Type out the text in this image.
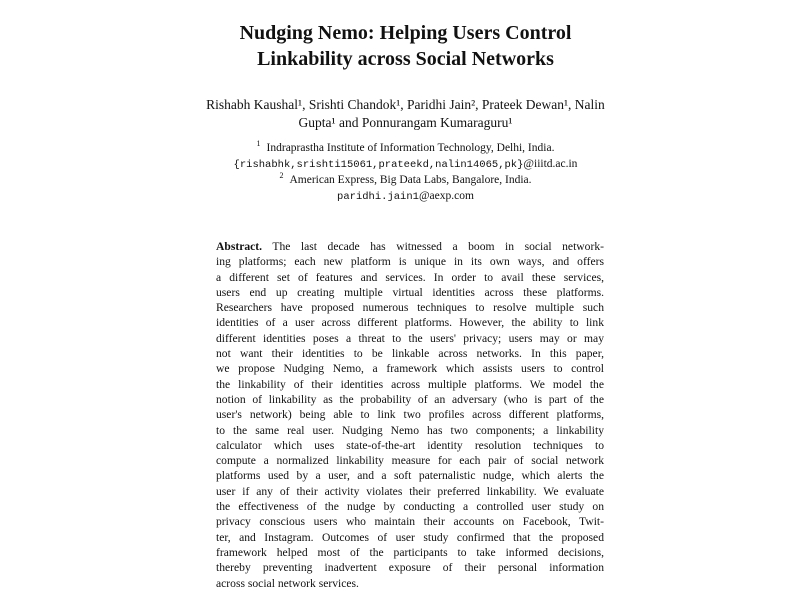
Nudging Nemo: Helping Users Control
Linkability across Social Networks
Rishabh Kaushal¹, Srishti Chandok¹, Paridhi Jain², Prateek Dewan¹, Nalin
Gupta¹ and Ponnurangam Kumaraguru¹
$^1$ Indraprastha Institute of Information Technology, Delhi, India.
{rishabhk,srishti15061,prateekd,nalin14065,pk}@iiitd.ac.in
$^2$ American Express, Big Data Labs, Bangalore, India.
paridhi.jain1@aexp.com
Abstract. The last decade has witnessed a boom in social network-
ing platforms; each new platform is unique in its own ways, and offers
a different set of features and services. In order to avail these services,
users end up creating multiple virtual identities across these platforms.
Researchers have proposed numerous techniques to resolve multiple such
identities of a user across different platforms. However, the ability to link
different identities poses a threat to the users' privacy; users may or may
not want their identities to be linkable across networks. In this paper,
we propose Nudging Nemo, a framework which assists users to control
the linkability of their identities across multiple platforms. We model the
notion of linkability as the probability of an adversary (who is part of the
user's network) being able to link two profiles across different platforms,
to the same real user. Nudging Nemo has two components; a linkability
calculator which uses state-of-the-art identity resolution techniques to
compute a normalized linkability measure for each pair of social network
platforms used by a user, and a soft paternalistic nudge, which alerts the
user if any of their activity violates their preferred linkability. We evaluate
the effectiveness of the nudge by conducting a controlled user study on
privacy conscious users who maintain their accounts on Facebook, Twit-
ter, and Instagram. Outcomes of user study confirmed that the proposed
framework helped most of the participants to take informed decisions,
thereby preventing inadvertent exposure of their personal information
across social network services.
